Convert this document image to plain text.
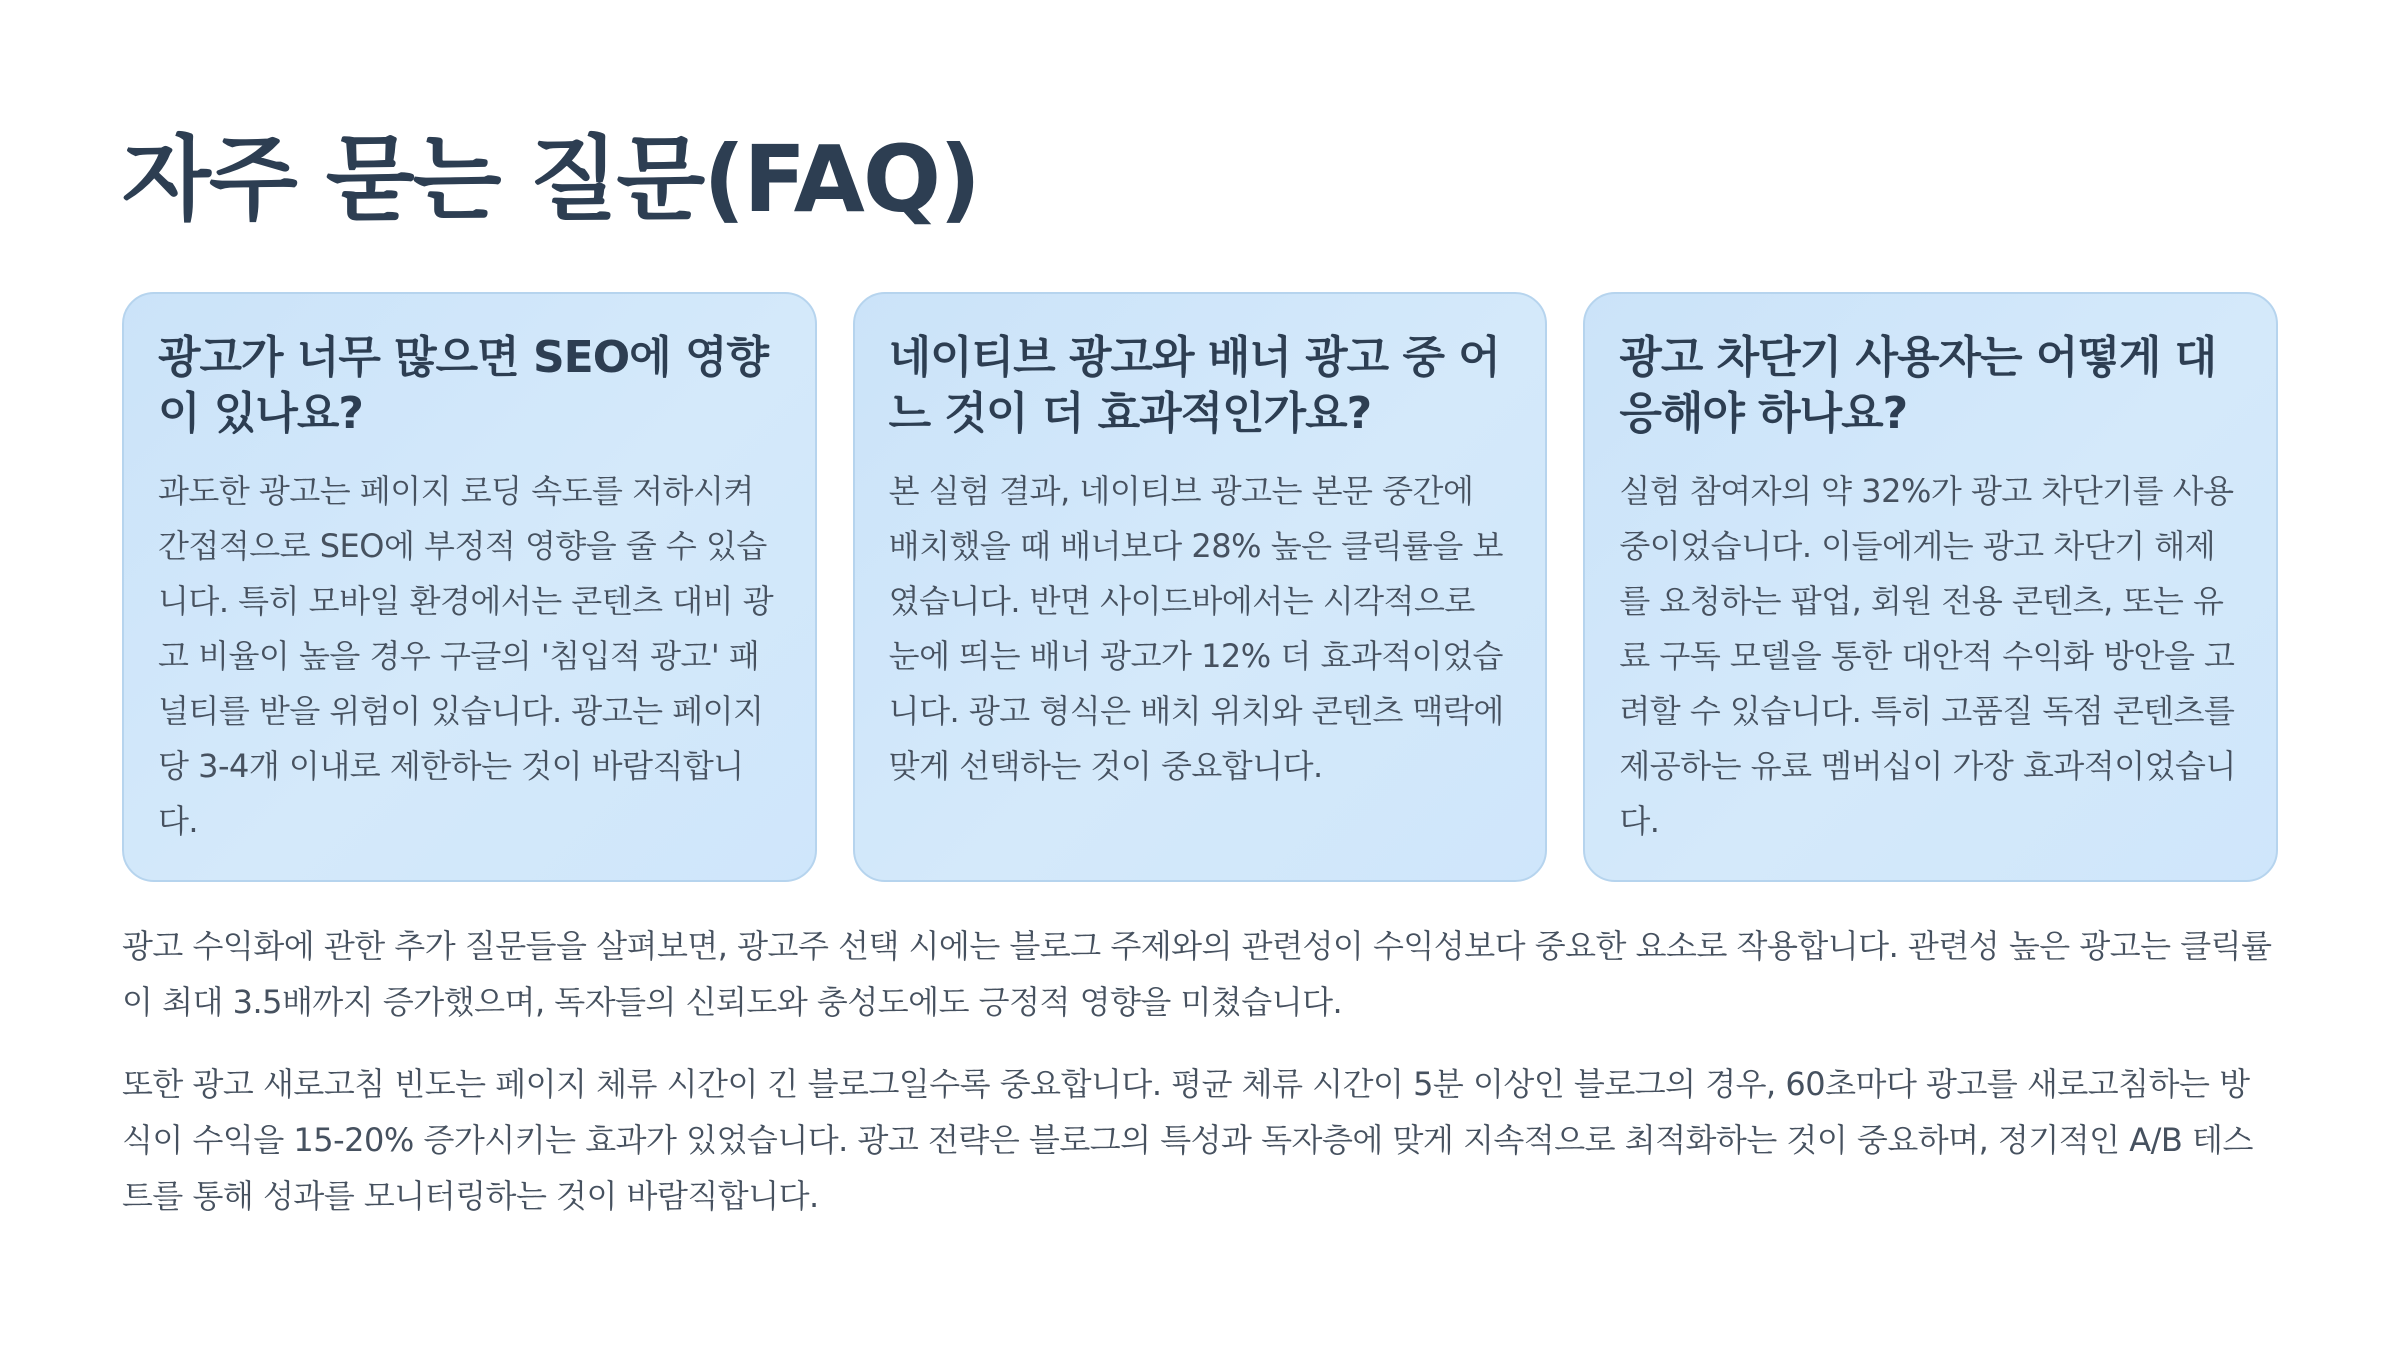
자주 묻는 질문(FAQ)
광고가 너무 많으면 SEO에 영향이 있나요?

과도한 광고는 페이지 로딩 속도를 저하시켜 간접적으로 SEO에 부정적 영향을 줄 수 있습니다. 특히 모바일 환경에서는 콘텐츠 대비 광고 비율이 높을 경우 구글의 '침입적 광고' 패널티를 받을 위험이 있습니다. 광고는 페이지당 3-4개 이내로 제한하는 것이 바람직합니다.

네이티브 광고와 배너 광고 중 어느 것이 더 효과적인가요?

본 실험 결과, 네이티브 광고는 본문 중간에 배치했을 때 배너보다 28% 높은 클릭률을 보였습니다. 반면 사이드바에서는 시각적으로 눈에 띄는 배너 광고가 12% 더 효과적이었습니다. 광고 형식은 배치 위치와 콘텐츠 맥락에 맞게 선택하는 것이 중요합니다.

광고 차단기 사용자는 어떻게 대응해야 하나요?

실험 참여자의 약 32%가 광고 차단기를 사용중이었습니다. 이들에게는 광고 차단기 해제를 요청하는 팝업, 회원 전용 콘텐츠, 또는 유료 구독 모델을 통한 대안적 수익화 방안을 고려할 수 있습니다. 특히 고품질 독점 콘텐츠를 제공하는 유료 멤버십이 가장 효과적이었습니다.

광고 수익화에 관한 추가 질문들을 살펴보면, 광고주 선택 시에는 블로그 주제와의 관련성이 수익성보다 중요한 요소로 작용합니다. 관련성 높은 광고는 클릭률이 최대 3.5배까지 증가했으며, 독자들의 신뢰도와 충성도에도 긍정적 영향을 미쳤습니다.

또한 광고 새로고침 빈도는 페이지 체류 시간이 긴 블로그일수록 중요합니다. 평균 체류 시간이 5분 이상인 블로그의 경우, 60초마다 광고를 새로고침하는 방식이 수익을 15-20% 증가시키는 효과가 있었습니다. 광고 전략은 블로그의 특성과 독자층에 맞게 지속적으로 최적화하는 것이 중요하며, 정기적인 A/B 테스트를 통해 성과를 모니터링하는 것이 바람직합니다.
